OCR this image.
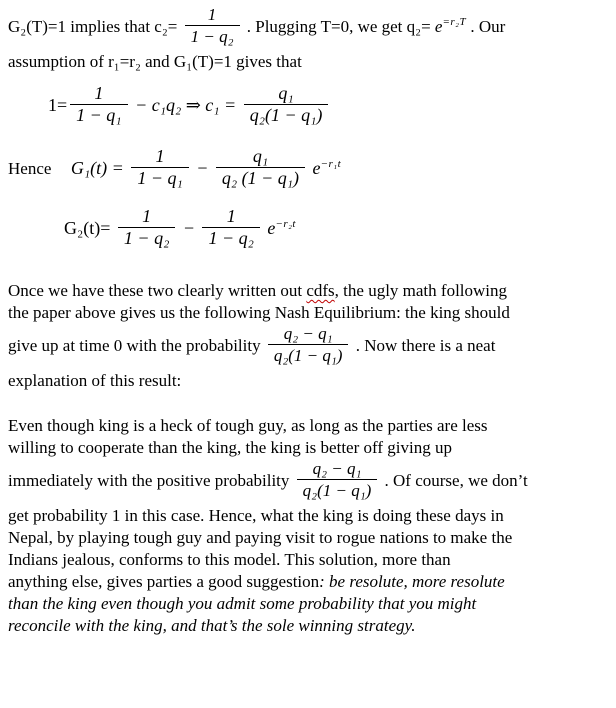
G₂(T)=1 implies that $c_2= \frac{1}{\text{1 − q₂}}$ . Plugging T=0, we get $q_2= e^{=r_2T}$ . Our
assumption of r₁=r₂ and G₁(T)=1 gives that
$1= \frac{1}{\text{1 − q₁}} - c_1q_2$ ⇒ $c_1 = \frac{\text{q₁}}{\text{q₂(1 − q₁)}}$
Hence $G_1(t) = \frac{1}{\text{1 − q₁}} - \frac{\text{q₁}}{\text{q₂ (1 − q₁)}} e^{-r_1t}$
$G_2(t)= \frac{1}{\text{1 − q₂}} - \frac{1}{\text{1 − q₂}} e^{-r_2t}$
Once we have these two clearly written out cdfs, the ugly math following
the paper above gives us the following Nash Equilibrium: the king should
give up at time 0 with the probability $\frac{\text{q₂ − q₁}}{\text{q₂(1 − q₁)}}$ . Now there is a neat
explanation of this result:
Even though king is a heck of tough guy, as long as the parties are less
willing to cooperate than the king, the king is better off giving up
immediately with the positive probability $\frac{\text{q₂ − q₁}}{\text{q₂(1 − q₁)}}$ . Of course, we don’t
get probability 1 in this case. Hence, what the king is doing these days in
Nepal, by playing tough guy and paying visit to rogue nations to make the
Indians jealous, conforms to this model. This solution, more than
anything else, gives parties a good suggestion: be resolute, more resolute
than the king even though you admit some probability that you might
reconcile with the king, and that’s the sole winning strategy.
